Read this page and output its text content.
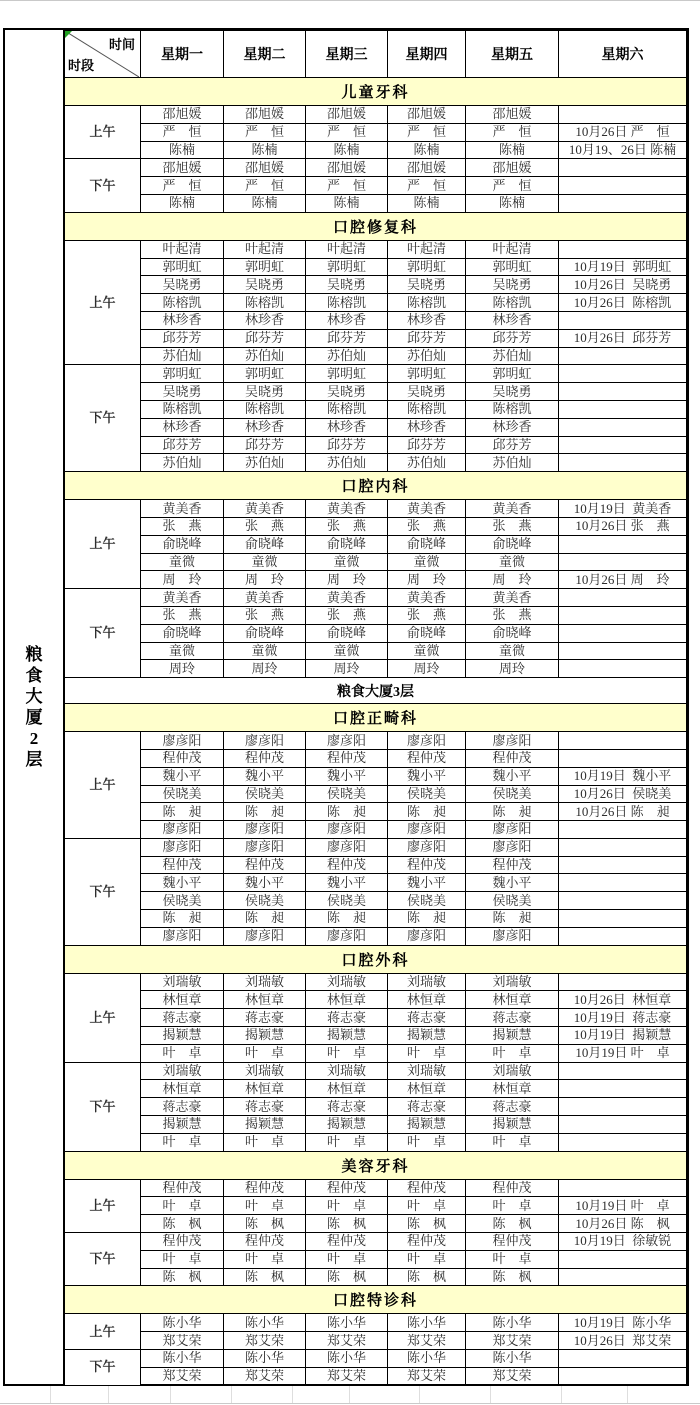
粮
食
大
厦
2
层
时间
时段	星期一	星期二	星期三	星期四	星期五	星期六
儿童牙科						
上午	邵旭媛	邵旭媛	邵旭媛	邵旭媛	邵旭媛	
	严　恒	严　恒	严　恒	严　恒	严　恒	10月26日 严　恒
	陈楠	陈楠	陈楠	陈楠	陈楠	10月19、26日 陈楠
下午	邵旭媛	邵旭媛	邵旭媛	邵旭媛	邵旭媛	
	严　恒	严　恒	严　恒	严　恒	严　恒	
	陈楠	陈楠	陈楠	陈楠	陈楠	
口腔修复科						
上午	叶起清	叶起清	叶起清	叶起清	叶起清	
	郭明虹	郭明虹	郭明虹	郭明虹	郭明虹	10月19日  郭明虹
	吴晓勇	吴晓勇	吴晓勇	吴晓勇	吴晓勇	10月26日  吴晓勇
	陈榕凯	陈榕凯	陈榕凯	陈榕凯	陈榕凯	10月26日  陈榕凯
	林珍香	林珍香	林珍香	林珍香	林珍香	
	邱芬芳	邱芬芳	邱芬芳	邱芬芳	邱芬芳	10月26日  邱芬芳
	苏伯灿	苏伯灿	苏伯灿	苏伯灿	苏伯灿	
下午	郭明虹	郭明虹	郭明虹	郭明虹	郭明虹	
	吴晓勇	吴晓勇	吴晓勇	吴晓勇	吴晓勇	
	陈榕凯	陈榕凯	陈榕凯	陈榕凯	陈榕凯	
	林珍香	林珍香	林珍香	林珍香	林珍香	
	邱芬芳	邱芬芳	邱芬芳	邱芬芳	邱芬芳	
	苏伯灿	苏伯灿	苏伯灿	苏伯灿	苏伯灿	
口腔内科						
上午	黄美香	黄美香	黄美香	黄美香	黄美香	10月19日  黄美香
	张　燕	张　燕	张　燕	张　燕	张　燕	10月26日 张　燕
	俞晓峰	俞晓峰	俞晓峰	俞晓峰	俞晓峰	
	童微	童微	童微	童微	童微	
	周　玲	周　玲	周　玲	周　玲	周　玲	10月26日 周　玲
下午	黄美香	黄美香	黄美香	黄美香	黄美香	
	张　燕	张　燕	张　燕	张　燕	张　燕	
	俞晓峰	俞晓峰	俞晓峰	俞晓峰	俞晓峰	
	童微	童微	童微	童微	童微	
	周玲	周玲	周玲	周玲	周玲	
粮食大厦3层						
口腔正畸科						
上午	廖彦阳	廖彦阳	廖彦阳	廖彦阳	廖彦阳	
	程仲茂	程仲茂	程仲茂	程仲茂	程仲茂	
	魏小平	魏小平	魏小平	魏小平	魏小平	10月19日  魏小平
	侯晓美	侯晓美	侯晓美	侯晓美	侯晓美	10月26日  侯晓美
	陈　昶	陈　昶	陈　昶	陈　昶	陈　昶	10月26日 陈　昶
	廖彦阳	廖彦阳	廖彦阳	廖彦阳	廖彦阳	
下午	廖彦阳	廖彦阳	廖彦阳	廖彦阳	廖彦阳	
	程仲茂	程仲茂	程仲茂	程仲茂	程仲茂	
	魏小平	魏小平	魏小平	魏小平	魏小平	
	侯晓美	侯晓美	侯晓美	侯晓美	侯晓美	
	陈　昶	陈　昶	陈　昶	陈　昶	陈　昶	
	廖彦阳	廖彦阳	廖彦阳	廖彦阳	廖彦阳	
口腔外科						
上午	刘瑞敏	刘瑞敏	刘瑞敏	刘瑞敏	刘瑞敏	
	林恒章	林恒章	林恒章	林恒章	林恒章	10月26日  林恒章
	蒋志豪	蒋志豪	蒋志豪	蒋志豪	蒋志豪	10月19日  蒋志豪
	揭颖慧	揭颖慧	揭颖慧	揭颖慧	揭颖慧	10月19日  揭颖慧
	叶　卓	叶　卓	叶　卓	叶　卓	叶　卓	10月19日 叶　卓
下午	刘瑞敏	刘瑞敏	刘瑞敏	刘瑞敏	刘瑞敏	
	林恒章	林恒章	林恒章	林恒章	林恒章	
	蒋志豪	蒋志豪	蒋志豪	蒋志豪	蒋志豪	
	揭颖慧	揭颖慧	揭颖慧	揭颖慧	揭颖慧	
	叶　卓	叶　卓	叶　卓	叶　卓	叶　卓	
美容牙科						
上午	程仲茂	程仲茂	程仲茂	程仲茂	程仲茂	
	叶　卓	叶　卓	叶　卓	叶　卓	叶　卓	10月19日 叶　卓
	陈　枫	陈　枫	陈　枫	陈　枫	陈　枫	10月26日 陈　枫
下午	程仲茂	程仲茂	程仲茂	程仲茂	程仲茂	10月19日  徐敏锐
	叶　卓	叶　卓	叶　卓	叶　卓	叶　卓	
	陈　枫	陈　枫	陈　枫	陈　枫	陈　枫	
口腔特诊科						
上午	陈小华	陈小华	陈小华	陈小华	陈小华	10月19日  陈小华
	郑艾荣	郑艾荣	郑艾荣	郑艾荣	郑艾荣	10月26日  郑艾荣
下午	陈小华	陈小华	陈小华	陈小华	陈小华	
	郑艾荣	郑艾荣	郑艾荣	郑艾荣	郑艾荣	
